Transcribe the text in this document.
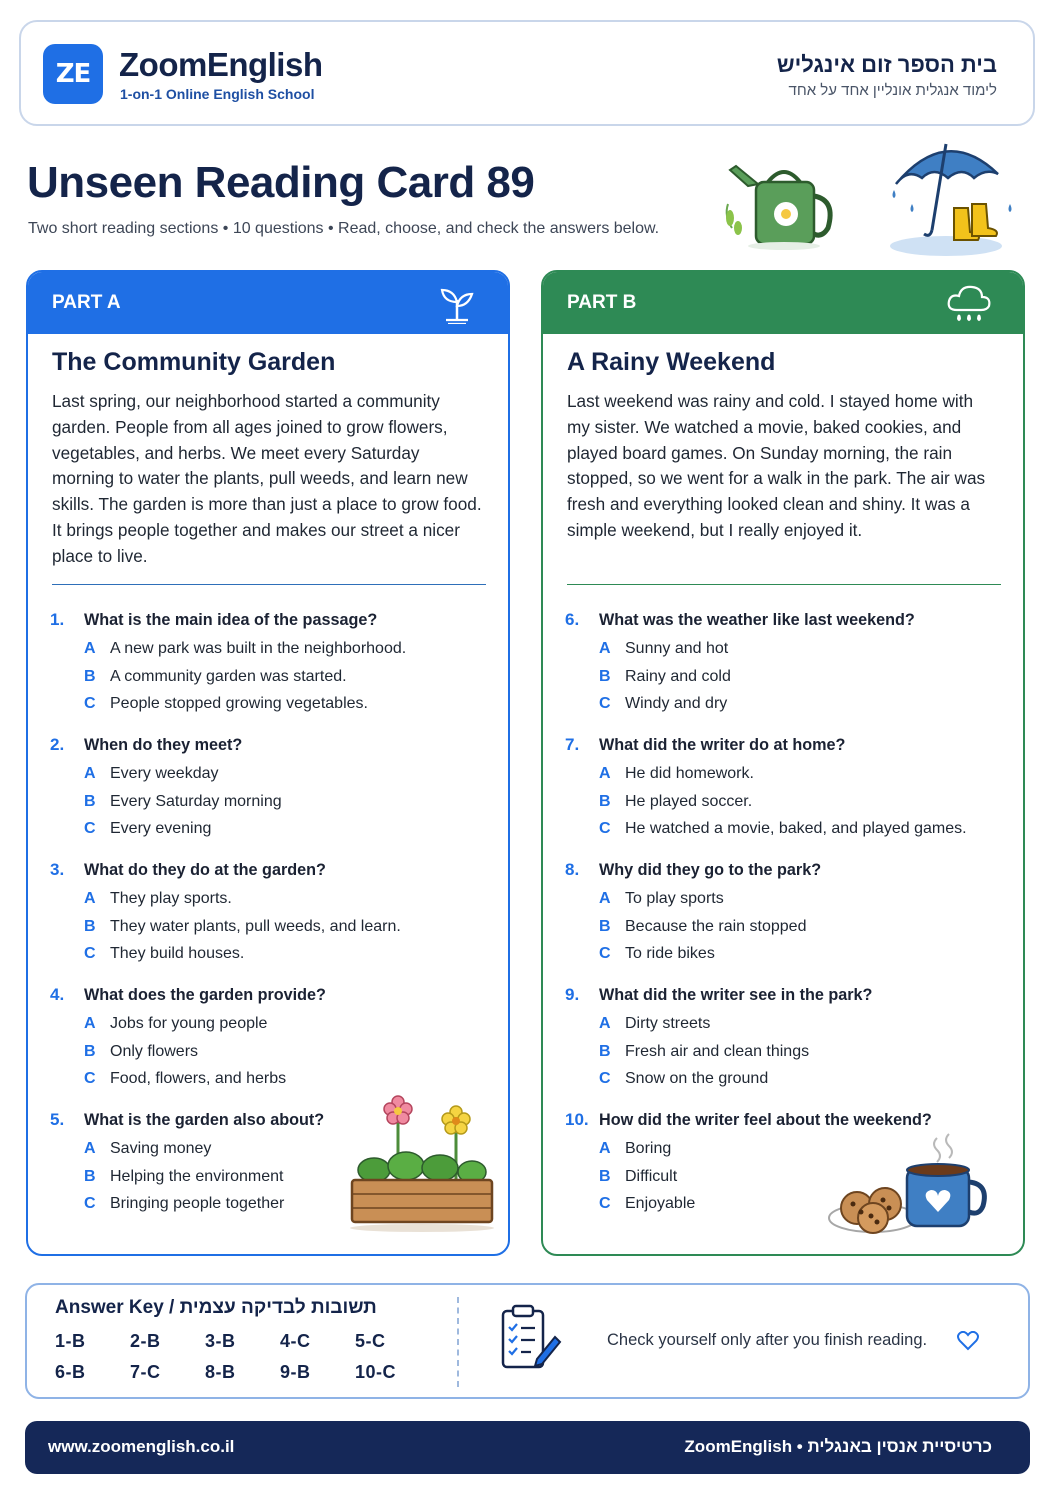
ZE ZoomEnglish
1-on-1 Online English School
בית הספר זום אינגליש
לימוד אנגלית אונליין אחד על אחד
Unseen Reading Card 89
Two short reading sections • 10 questions • Read, choose, and check the answers below.
PART A
The Community Garden
Last spring, our neighborhood started a community garden. People from all ages joined to grow flowers, vegetables, and herbs. We meet every Saturday morning to water the plants, pull weeds, and learn new skills. The garden is more than just a place to grow food. It brings people together and makes our street a nicer place to live.
1.	What is the main idea of the passage?
A A new park was built in the neighborhood.
B A community garden was started.
C People stopped growing vegetables.
2.	When do they meet?
A Every weekday
B Every Saturday morning
C Every evening
3.	What do they do at the garden?
A They play sports.
B They water plants, pull weeds, and learn.
C They build houses.
4.	What does the garden provide?
A Jobs for young people
B Only flowers
C Food, flowers, and herbs
5.	What is the garden also about?
A Saving money
B Helping the environment
C Bringing people together
PART B
A Rainy Weekend
Last weekend was rainy and cold. I stayed home with my sister. We watched a movie, baked cookies, and played board games. On Sunday morning, the rain stopped, so we went for a walk in the park. The air was fresh and everything looked clean and shiny. It was a simple weekend, but I really enjoyed it.
6.	What was the weather like last weekend?
A Sunny and hot
B Rainy and cold
C Windy and dry
7.	What did the writer do at home?
A He did homework.
B He played soccer.
C He watched a movie, baked, and played games.
8.	Why did they go to the park?
A To play sports
B Because the rain stopped
C To ride bikes
9.	What did the writer see in the park?
A Dirty streets
B Fresh air and clean things
C Snow on the ground
10. How did the writer feel about the weekend?
A Boring
B Difficult
C Enjoyable
Answer Key / תשובות לבדיקה עצמית
1-B	2-B	3-B	4-C	5-C
6-B	7-C	8-B	9-B	10-C
Check yourself only after you finish reading.
www.zoomenglish.co.il	ZoomEnglish • כרטיסיית אנסין באנגלית
